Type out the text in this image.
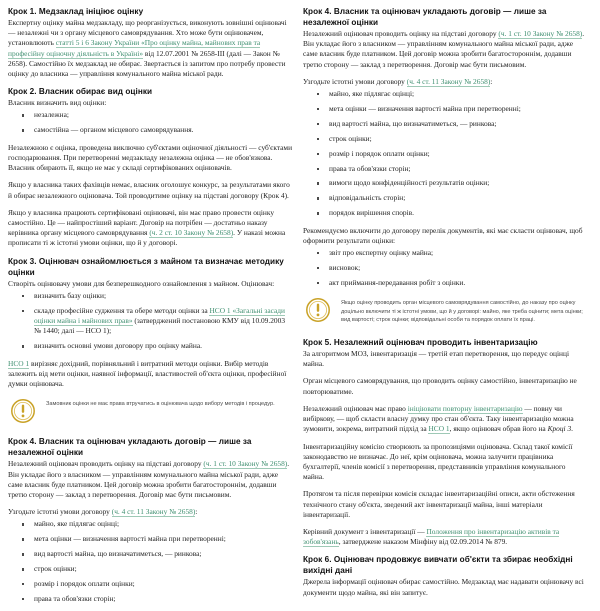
Крок 1. Медзаклад ініціює оцінку

Експертну оцінку майна медзакладу, що реорганізується, виконують зовнішні оцінювачі — незалежні чи з органу місцевого самоврядування. Хто може бути оцінювачем, установлюють статті 5 і 6 Закону України «Про оцінку майна, майнових прав та професійну оціночну діяльність в Україні» від 12.07.2001 № 2658-III (далі — Закон № 2658). Самостійно їх медзаклад не обирає. Звертається із запитом про потребу провести оцінку до власника — управління комунального майна міської ради.

Крок 2. Власник обирає вид оцінки

Власник визначить вид оцінки:

незалежна;
самостійна — органом місцевого самоврядування.

Незалежною є оцінка, проведена виключно суб'єктами оціночної діяльності — суб'єктами господарювання. При перетворенні медзакладу незалежна оцінка — не обов'язкова. Власник обирають її, якщо не має у складі сертифікованих оцінювачів.

Якщо у власника таких фахівців немає, власник оголошує конкурс, за результатами якого й обирає незалежного оцінювача. Той проводитиме оцінку на підставі договору (Крок 4).

Якщо у власника працюють сертифіковані оцінювачі, він має право провести оцінку самостійно. Це — найпростіший варіант. Договір на потрібен — достатньо наказу керівника органу місцевого самоврядування (ч. 2 ст. 10 Закону № 2658). У наказі можна прописати ті ж істотні умови оцінки, що й у договорі.

Крок 3. Оцінювач ознайомлюється з майном та визначає методику оцінки

Створіть оцінювачу умови для безперешкодного ознайомлення з майном. Оцінювач:

визначить базу оцінки;
складе професійне судження та обере методи оцінки за НСО 1 «Загальні засади оцінки майна і майнових прав» (затверджений постановою КМУ від 10.09.2003 № 1440; далі — НСО 1);
визначить основні умови договору про оцінку майна.

НСО 1 вирізняє дохідний, порівняльний і витратний методи оцінки. Вибір методів залежить від мети оцінки, наявної інформації, властивостей об'єкта оцінки, професійної думки оцінювача.

Замовник оцінки не має права втручатись в оцінювача щодо вибору методів і процедур.
Крок 4. Власник та оцінювач укладають договір — лише за незалежної оцінки

Незалежний оцінювач проводить оцінку на підставі договору (ч. 1 ст. 10 Закону № 2658). Він укладає його з власником — управлінням комунального майна міської ради, адже саме власник буде платником. Цей договір можна зробити багатостороннім, додавши третю сторону — заклад з перетворення. Договір має бути письмовим.

Узгодьте істотні умови договору (ч. 4 ст. 11 Закону № 2658):

майно, яке підлягає оцінці;
мета оцінки — визначення вартості майна при перетворенні;
вид вартості майна, що визначатиметься, — ринкова;
строк оцінки;
розмір і порядок оплати оцінки;
права та обов'язки сторін;
Крок 4. Власник та оцінювач укладають договір — лише за незалежної оцінки

Незалежний оцінювач проводить оцінку на підставі договору (ч. 1 ст. 10 Закону № 2658). Він укладає його з власником — управлінням комунального майна міської ради, адже саме власник буде платником. Цей договір можна зробити багатостороннім, додавши третю сторону — заклад з перетворення. Договір має бути письмовим.

Узгодьте істотні умови договору (ч. 4 ст. 11 Закону № 2658):

майно, яке підлягає оцінці;
мета оцінки — визначення вартості майна при перетворенні;
вид вартості майна, що визначатиметься, — ринкова;
строк оцінки;
розмір і порядок оплати оцінки;
права та обов'язки сторін;
вимоги щодо конфіденційності результатів оцінки;
відповідальність сторін;
порядок вирішення спорів.

Рекомендуємо включити до договору перелік документів, які має скласти оцінювач, щоб оформити результати оцінки:

звіт про експертну оцінку майна;
висновок;
акт приймання-передавання робіт з оцінки.
Якщо оцінку проводить орган місцевого самоврядування самостійно, до наказу про оцінку доцільно включити ті ж істотні умови, що й у договорі: майно, яке треба оцінити; мета оцінки; вид вартості; строк оцінки; відповідальні особи та порядок оплати їх праці.
Крок 5. Незалежний оцінювач проводить інвентаризацію

За алгоритмом МОЗ, інвентаризація — третій етап перетворення, що передує оцінці майна.

Орган місцевого самоврядування, що проводить оцінку самостійно, інвентаризацію не повторюватиме.

Незалежний оцінювач має право ініціювати повторну інвентаризацію — повну чи вибіркову, — щоб скласти власну думку про стан об'єкта. Таку інвентаризацію можна зумовити, зокрема, витратний підхід за НСО 1, якщо оцінювач обрав його на Кроці 3.

Інвентаризаційну комісію створюють за пропозиціями оцінювача. Склад такої комісії законодавство не визначає. До неї, крім оцінювача, можна залучити працівника бухгалтерії, членів комісії з перетворення, представників управління комунального майна.

Протягом та після перевірки комісія складає інвентаризаційні описи, акти обстеження технічного стану об'єкта, зведений акт інвентаризації майна, інші матеріали інвентаризації.

Керівний документ з інвентаризації — Положення про інвентаризацію активів та зобов'язань, затверджене наказом Мінфіну від 02.09.2014 № 879.

Крок 6. Оцінювач продовжує вивчати об'єкти та збирає необхідні вихідні дані

Джерела інформації оцінювач обирає самостійно. Медзаклад має надавати оцінювачу всі документи щодо майна, які він запитує.
